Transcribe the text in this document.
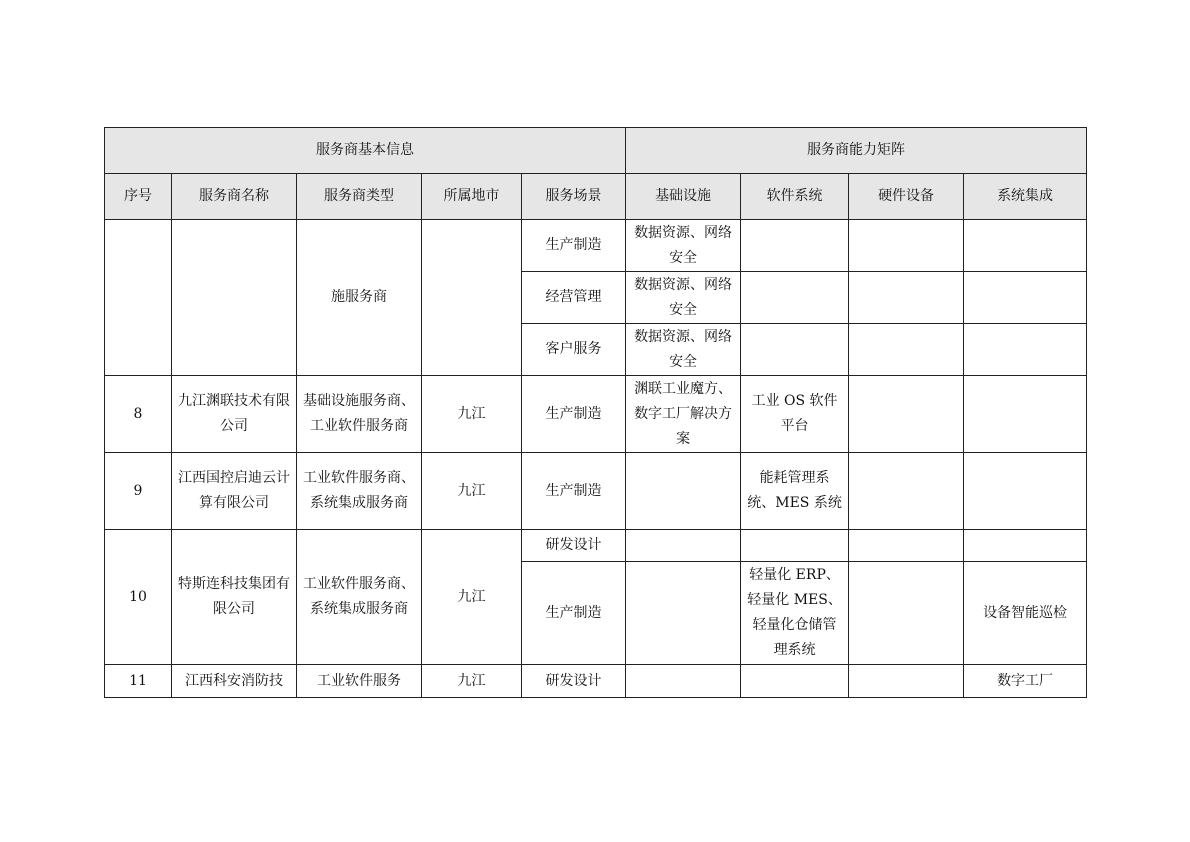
服务商基本信息					服务商能力矩阵			
序号	服务商名称	服务商类型	所属地市	服务场景	基础设施	软件系统	硬件设备	系统集成
		施服务商		生产制造	数据资源、网络安全			
				经营管理	数据资源、网络安全			
				客户服务	数据资源、网络安全			
8	九江渊联技术有限公司	基础设施服务商、工业软件服务商	九江	生产制造	渊联工业魔方、数字工厂解决方案	工业 OS 软件平台		
9	江西国控启迪云计算有限公司	工业软件服务商、系统集成服务商	九江	生产制造		能耗管理系统、MES 系统		
10	特斯连科技集团有限公司	工业软件服务商、系统集成服务商	九江	研发设计				
				生产制造		轻量化 ERP、轻量化 MES、轻量化仓储管理系统		设备智能巡检
11	江西科安消防技	工业软件服务	九江	研发设计				数字工厂
